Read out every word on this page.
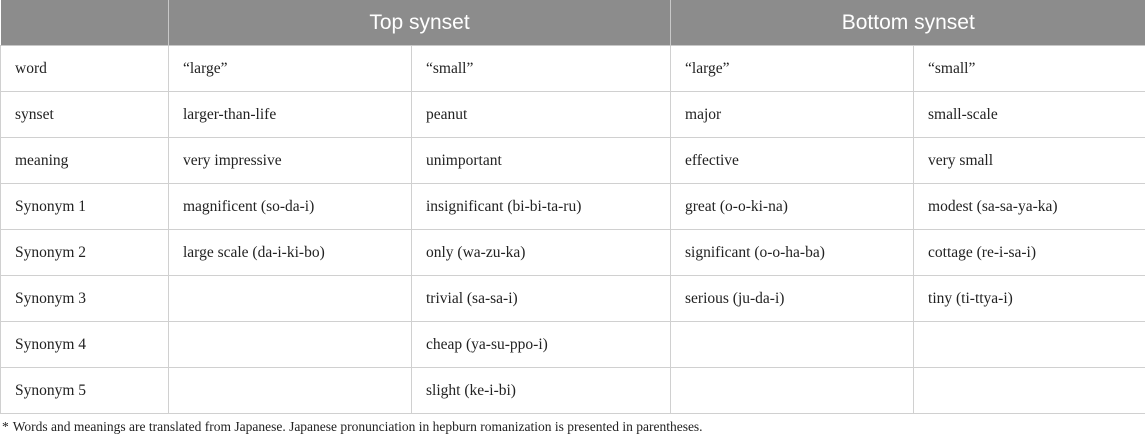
	Top synset		Bottom synset	
word	“large”	“small”	“large”	“small”
synset	larger-than-life	peanut	major	small-scale
meaning	very impressive	unimportant	effective	very small
Synonym 1	magnificent (so-da-i)	insignificant (bi-bi-ta-ru)	great (o-o-ki-na)	modest (sa-sa-ya-ka)
Synonym 2	large scale (da-i-ki-bo)	only (wa-zu-ka)	significant (o-o-ha-ba)	cottage (re-i-sa-i)
Synonym 3		trivial (sa-sa-i)	serious (ju-da-i)	tiny (ti-ttya-i)
Synonym 4		cheap (ya-su-ppo-i)		
Synonym 5		slight (ke-i-bi)		
* Words and meanings are translated from Japanese. Japanese pronunciation in hepburn romanization is presented in parentheses.
